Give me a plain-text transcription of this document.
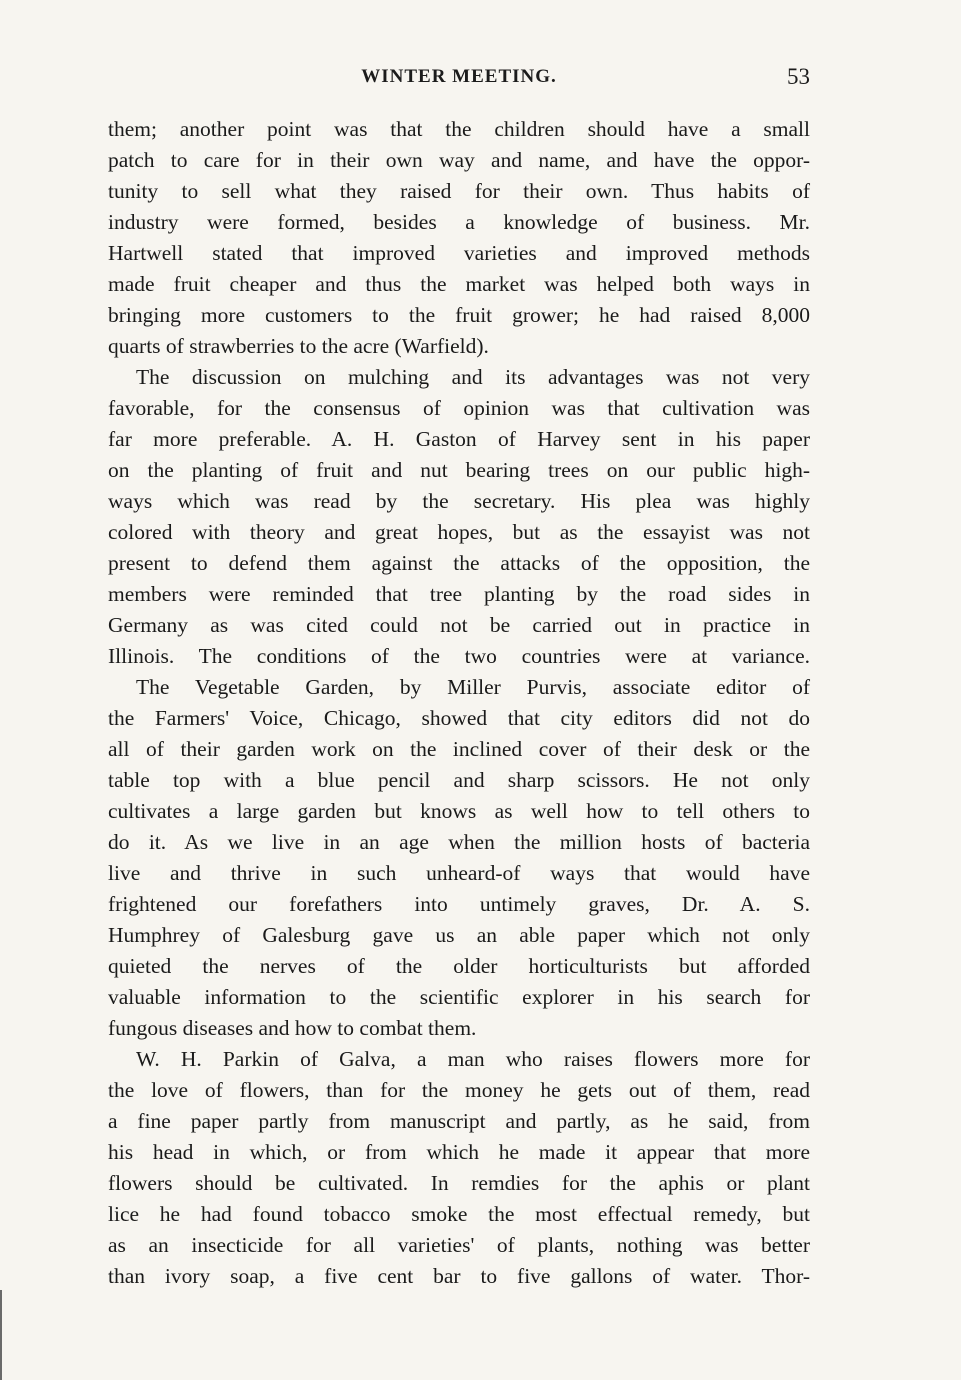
WINTER MEETING.	53
them; another point was that the children should have a small
patch to care for in their own way and name, and have the oppor-
tunity to sell what they raised for their own. Thus habits of
industry were formed, besides a knowledge of business. Mr.
Hartwell stated that improved varieties and improved methods
made fruit cheaper and thus the market was helped both ways in
bringing more customers to the fruit grower; he had raised 8,000
quarts of strawberries to the acre (Warfield).
The discussion on mulching and its advantages was not very
favorable, for the consensus of opinion was that cultivation was
far more preferable. A. H. Gaston of Harvey sent in his paper
on the planting of fruit and nut bearing trees on our public high-
ways which was read by the secretary. His plea was highly
colored with theory and great hopes, but as the essayist was not
present to defend them against the attacks of the opposition, the
members were reminded that tree planting by the road sides in
Germany as was cited could not be carried out in practice in
Illinois. The conditions of the two countries were at variance.
The Vegetable Garden, by Miller Purvis, associate editor of
the Farmers' Voice, Chicago, showed that city editors did not do
all of their garden work on the inclined cover of their desk or the
table top with a blue pencil and sharp scissors. He not only
cultivates a large garden but knows as well how to tell others to
do it. As we live in an age when the million hosts of bacteria
live and thrive in such unheard-of ways that would have
frightened our forefathers into untimely graves, Dr. A. S.
Humphrey of Galesburg gave us an able paper which not only
quieted the nerves of the older horticulturists but afforded
valuable information to the scientific explorer in his search for
fungous diseases and how to combat them.
W. H. Parkin of Galva, a man who raises flowers more for
the love of flowers, than for the money he gets out of them, read
a fine paper partly from manuscript and partly, as he said, from
his head in which, or from which he made it appear that more
flowers should be cultivated. In remdies for the aphis or plant
lice he had found tobacco smoke the most effectual remedy, but
as an insecticide for all varieties' of plants, nothing was better
than ivory soap, a five cent bar to five gallons of water. Thor-
